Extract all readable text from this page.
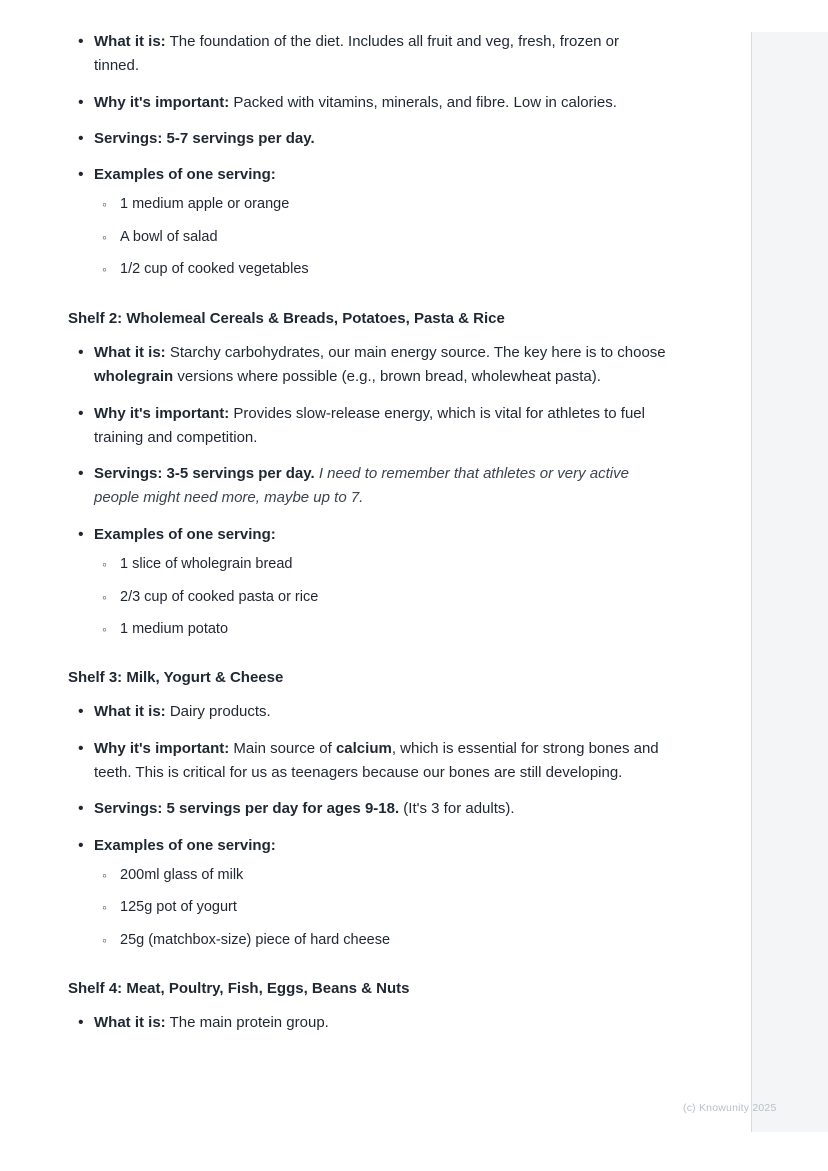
(c) Knowunity 2025
• What it is: The foundation of the diet. Includes all fruit and veg, fresh, frozen or tinned.
• Why it's important: Packed with vitamins, minerals, and fibre. Low in calories.
• Servings: 5-7 servings per day.
• Examples of one serving:
◦ 1 medium apple or orange
◦ A bowl of salad
◦ 1/2 cup of cooked vegetables
Shelf 2: Wholemeal Cereals & Breads, Potatoes, Pasta & Rice
• What it is: Starchy carbohydrates, our main energy source. The key here is to choose wholegrain versions where possible (e.g., brown bread, wholewheat pasta).
• Why it's important: Provides slow-release energy, which is vital for athletes to fuel training and competition.
• Servings: 3-5 servings per day. I need to remember that athletes or very active people might need more, maybe up to 7.
• Examples of one serving:
◦ 1 slice of wholegrain bread
◦ 2/3 cup of cooked pasta or rice
◦ 1 medium potato
Shelf 3: Milk, Yogurt & Cheese
• What it is: Dairy products.
• Why it's important: Main source of calcium, which is essential for strong bones and teeth. This is critical for us as teenagers because our bones are still developing.
• Servings: 5 servings per day for ages 9-18. (It's 3 for adults).
• Examples of one serving:
◦ 200ml glass of milk
◦ 125g pot of yogurt
◦ 25g (matchbox-size) piece of hard cheese
Shelf 4: Meat, Poultry, Fish, Eggs, Beans & Nuts
• What it is: The main protein group.
